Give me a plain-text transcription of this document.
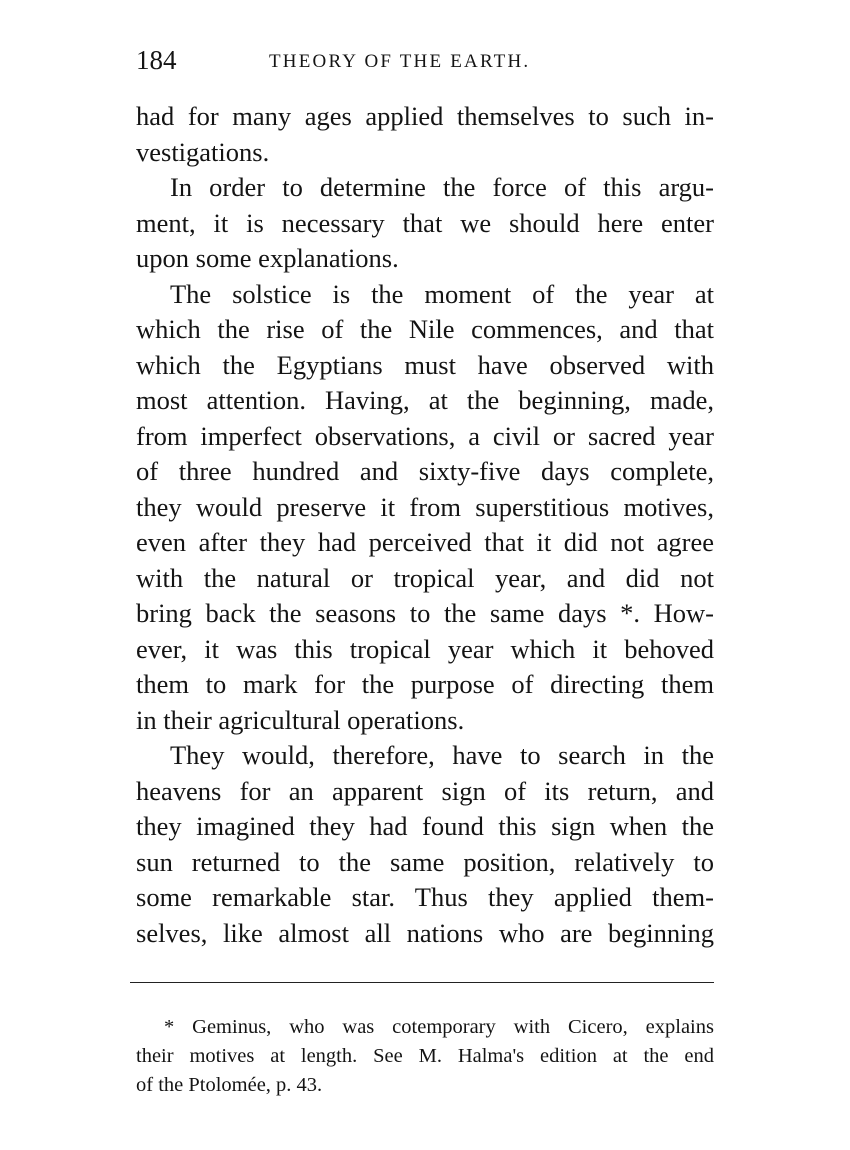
184	THEORY OF THE EARTH.
had for many ages applied themselves to such in-
vestigations.
In order to determine the force of this argu-
ment, it is necessary that we should here enter
upon some explanations.
The solstice is the moment of the year at
which the rise of the Nile commences, and that
which the Egyptians must have observed with
most attention. Having, at the beginning, made,
from imperfect observations, a civil or sacred year
of three hundred and sixty-five days complete,
they would preserve it from superstitious motives,
even after they had perceived that it did not agree
with the natural or tropical year, and did not
bring back the seasons to the same days *. How-
ever, it was this tropical year which it behoved
them to mark for the purpose of directing them
in their agricultural operations.
They would, therefore, have to search in the
heavens for an apparent sign of its return, and
they imagined they had found this sign when the
sun returned to the same position, relatively to
some remarkable star. Thus they applied them-
selves, like almost all nations who are beginning
* Geminus, who was cotemporary with Cicero, explains
their motives at length. See M. Halma's edition at the end
of the Ptolomée, p. 43.
